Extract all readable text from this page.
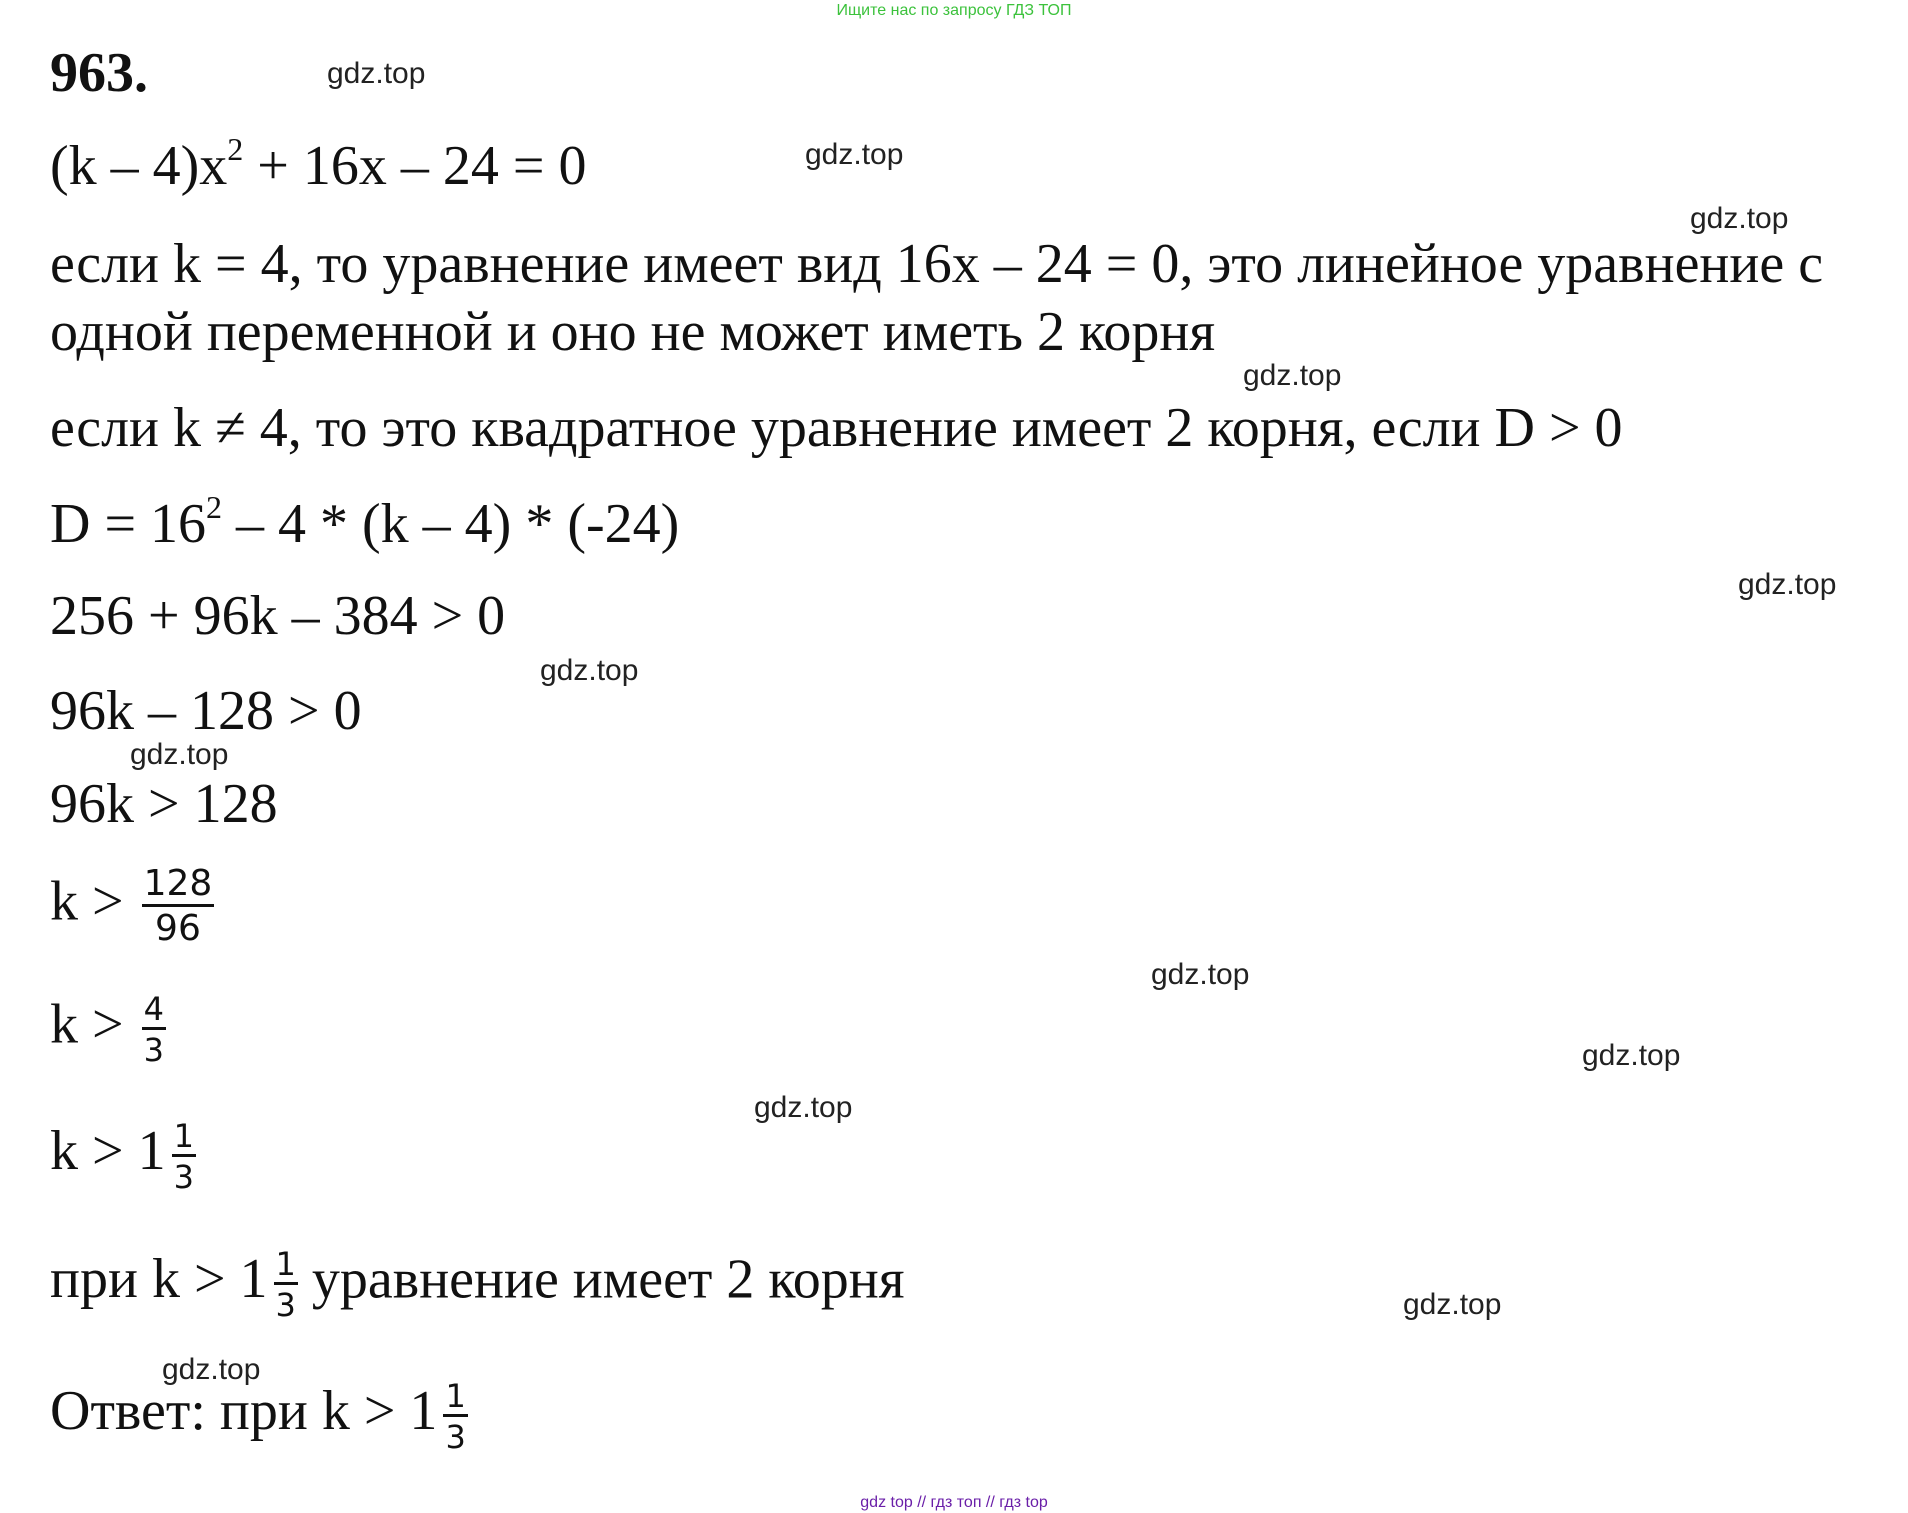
Ищите нас по запросу ГДЗ ТОП
963.
$(k - 4)x^2 + 16x - 24 = 0$
если k = 4, то уравнение имеет вид 16x – 24 = 0, это линейное уравнение с
одной переменной и оно не может иметь 2 корня
если k ≠ 4, то это квадратное уравнение имеет 2 корня, если D > 0
$D = 16^2 - 4 * (k - 4) * (-24)$
256 + 96k – 384 > 0
96k – 128 > 0
96k > 128
$k > \frac{128}{96}$
$k > \frac{4}{3}$
$k > 1 \frac{1}{3}$
при $k > 1 \frac{1}{3}$ уравнение имеет 2 корня
Ответ: при $k > 1 \frac{1}{3}$
gdz.top
gdz.top
gdz.top
gdz.top
gdz.top
gdz.top
gdz.top
gdz.top
gdz.top
gdz.top
gdz.top
gdz.top
gdz top // гдз топ // гдз top
